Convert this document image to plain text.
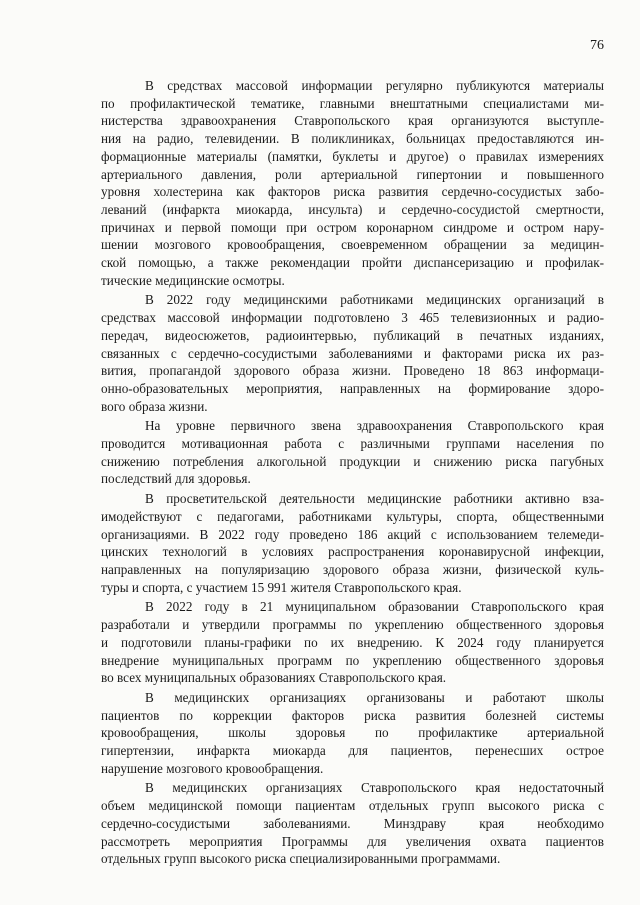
76

В средствах массовой информации регулярно публикуются материалы
по профилактической тематике, главными внештатными специалистами ми-
нистерства здравоохранения Ставропольского края организуются выступле-
ния на радио, телевидении. В поликлиниках, больницах предоставляются ин-
формационные материалы (памятки, буклеты и другое) о правилах измерениях
артериального давления, роли артериальной гипертонии и повышенного
уровня холестерина как факторов риска развития сердечно-сосудистых забо-
леваний (инфаркта миокарда, инсульта) и сердечно-сосудистой смертности,
причинах и первой помощи при остром коронарном синдроме и остром нару-
шении мозгового кровообращения, своевременном обращении за медицин-
ской помощью, а также рекомендации пройти диспансеризацию и профилак-
тические медицинские осмотры.

В 2022 году медицинскими работниками медицинских организаций в
средствах массовой информации подготовлено 3 465 телевизионных и радио-
передач, видеосюжетов, радиоинтервью, публикаций в печатных изданиях,
связанных с сердечно-сосудистыми заболеваниями и факторами риска их раз-
вития, пропагандой здорового образа жизни. Проведено 18 863 информаци-
онно-образовательных мероприятия, направленных на формирование здоро-
вого образа жизни.

На уровне первичного звена здравоохранения Ставропольского края
проводится мотивационная работа с различными группами населения по
снижению потребления алкогольной продукции и снижению риска пагубных
последствий для здоровья.

В просветительской деятельности медицинские работники активно вза-
имодействуют с педагогами, работниками культуры, спорта, общественными
организациями. В 2022 году проведено 186 акций с использованием телемеди-
цинских технологий в условиях распространения коронавирусной инфекции,
направленных на популяризацию здорового образа жизни, физической куль-
туры и спорта, с участием 15 991 жителя Ставропольского края.

В 2022 году в 21 муниципальном образовании Ставропольского края
разработали и утвердили программы по укреплению общественного здоровья
и подготовили планы-графики по их внедрению. К 2024 году планируется
внедрение муниципальных программ по укреплению общественного здоровья
во всех муниципальных образованиях Ставропольского края.

В медицинских организациях организованы и работают школы
пациентов по коррекции факторов риска развития болезней системы
кровообращения, школы здоровья по профилактике артериальной
гипертензии, инфаркта миокарда для пациентов, перенесших острое
нарушение мозгового кровообращения.

В медицинских организациях Ставропольского края недостаточный
объем медицинской помощи пациентам отдельных групп высокого риска с
сердечно-сосудистыми заболеваниями. Минздраву края необходимо
рассмотреть мероприятия Программы для увеличения охвата пациентов
отдельных групп высокого риска специализированными программами.
